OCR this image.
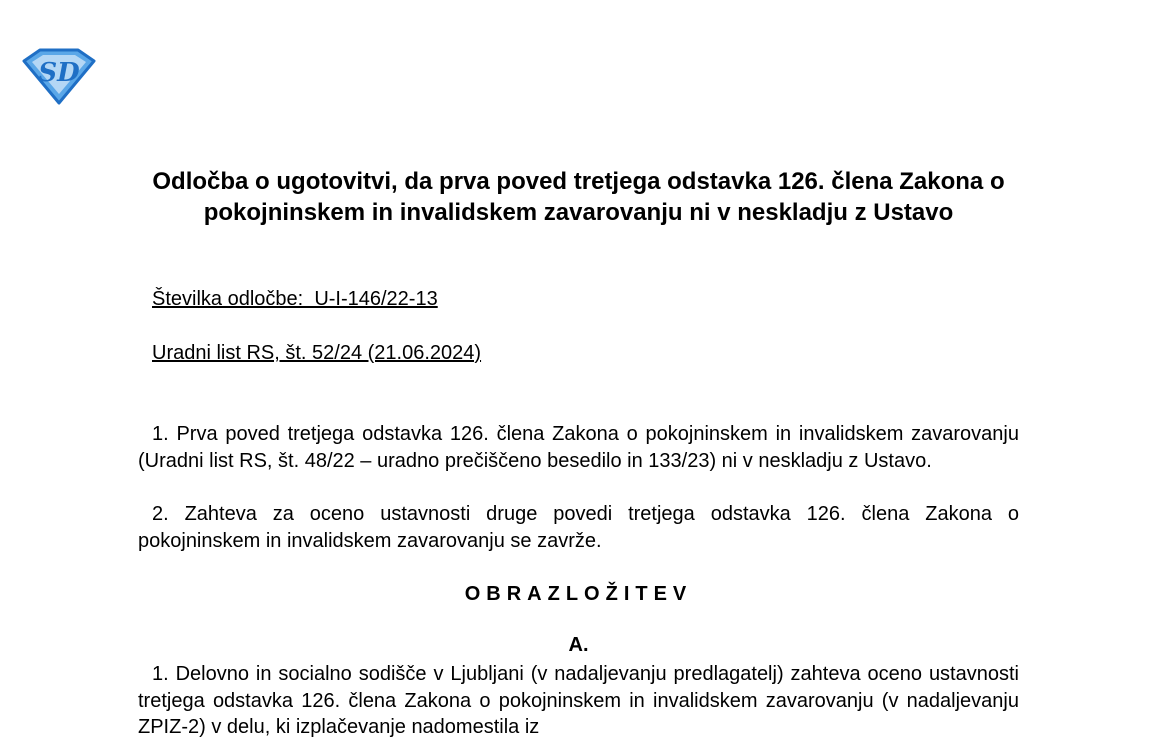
SD
Odločba o ugotovitvi, da prva poved tretjega odstavka 126. člena Zakona o pokojninskem in invalidskem zavarovanju ni v neskladju z Ustavo
Številka odločbe:  U-I-146/22-13
Uradni list RS, št. 52/24 (21.06.2024)
1. Prva poved tretjega odstavka 126. člena Zakona o pokojninskem in invalidskem zavarovanju (Uradni list RS, št. 48/22 – uradno prečiščeno besedilo in 133/23) ni v neskladju z Ustavo.
2. Zahteva za oceno ustavnosti druge povedi tretjega odstavka 126. člena Zakona o pokojninskem in invalidskem zavarovanju se zavrže.
OBRAZLOŽITEV
A.
1. Delovno in socialno sodišče v Ljubljani (v nadaljevanju predlagatelj) zahteva oceno ustavnosti tretjega odstavka 126. člena Zakona o pokojninskem in invalidskem zavarovanju (v nadaljevanju ZPIZ-2) v delu, ki izplačevanje nadomestila iz
